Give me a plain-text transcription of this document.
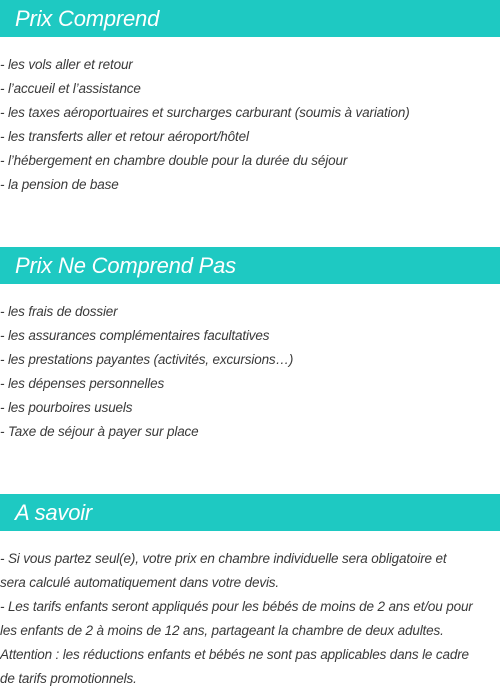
Prix Comprend
- les vols aller et retour
- l’accueil et l’assistance
- les taxes aéroportuaires et surcharges carburant (soumis à variation)
- les transferts aller et retour aéroport/hôtel
- l’hébergement en chambre double pour la durée du séjour
- la pension de base
Prix Ne Comprend Pas
- les frais de dossier
- les assurances complémentaires facultatives
- les prestations payantes (activités, excursions…)
- les dépenses personnelles
- les pourboires usuels
- Taxe de séjour à payer sur place
A savoir
- Si vous partez seul(e), votre prix en chambre individuelle sera obligatoire et
sera calculé automatiquement dans votre devis.
- Les tarifs enfants seront appliqués pour les bébés de moins de 2 ans et/ou pour
les enfants de 2 à moins de 12 ans, partageant la chambre de deux adultes.
Attention : les réductions enfants et bébés ne sont pas applicables dans le cadre
de tarifs promotionnels.
